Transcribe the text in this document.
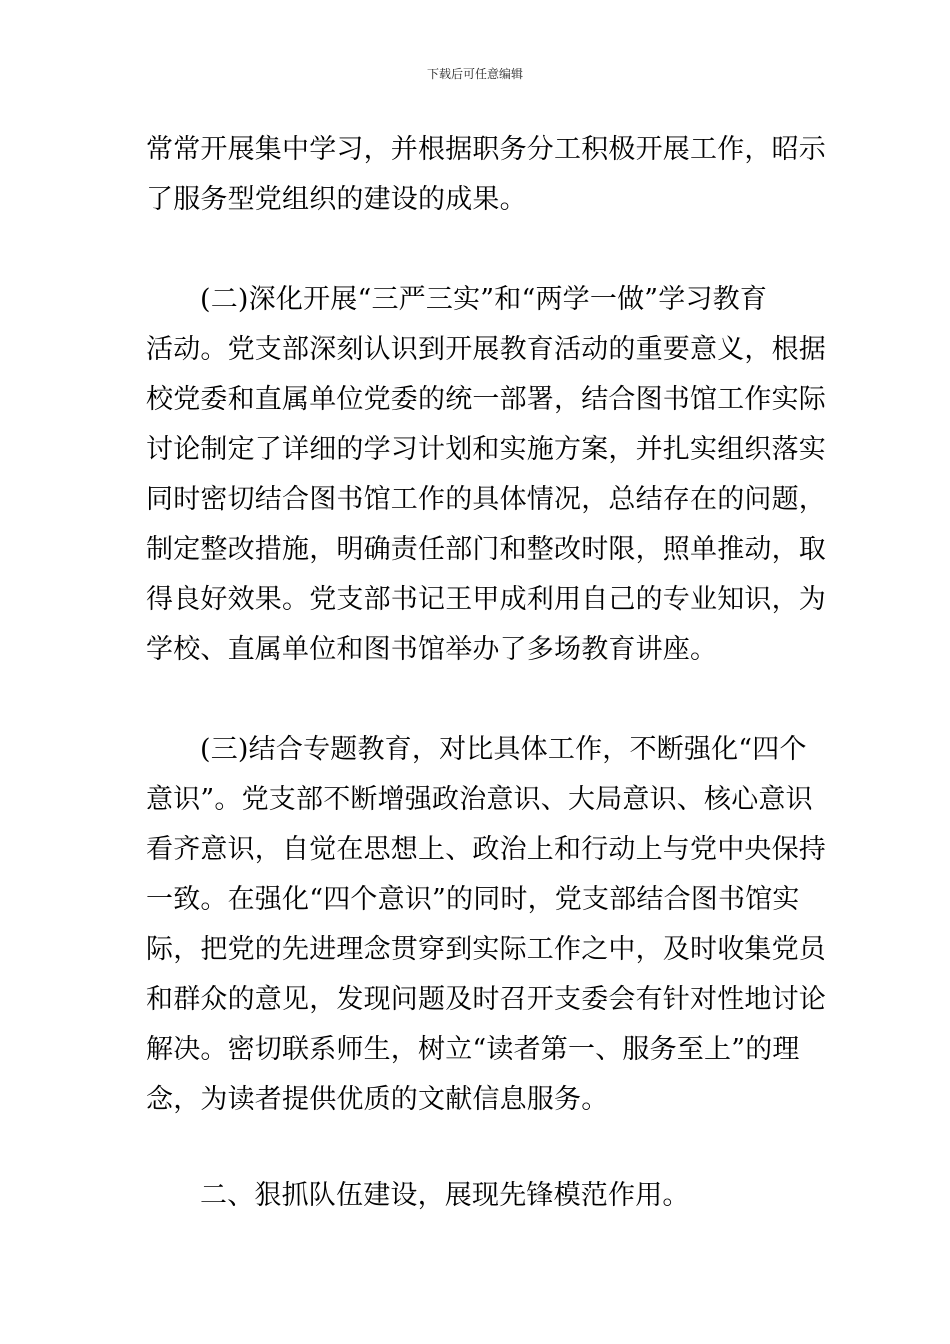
下载后可任意编辑
常常开展集中学习，并根据职务分工积极开展工作，昭示
了服务型党组织的建设的成果。
(二)深化开展“三严三实”和“两学一做”学习教育
活动。党支部深刻认识到开展教育活动的重要意义，根据
校党委和直属单位党委的统一部署，结合图书馆工作实际
讨论制定了详细的学习计划和实施方案，并扎实组织落实
同时密切结合图书馆工作的具体情况，总结存在的问题，
制定整改措施，明确责任部门和整改时限，照单推动，取
得良好效果。党支部书记王甲成利用自己的专业知识，为
学校、直属单位和图书馆举办了多场教育讲座。
(三)结合专题教育，对比具体工作，不断强化“四个
意识”。党支部不断增强政治意识、大局意识、核心意识
看齐意识，自觉在思想上、政治上和行动上与党中央保持
一致。在强化“四个意识”的同时，党支部结合图书馆实
际，把党的先进理念贯穿到实际工作之中，及时收集党员
和群众的意见，发现问题及时召开支委会有针对性地讨论
解决。密切联系师生，树立“读者第一、服务至上”的理
念，为读者提供优质的文献信息服务。
二、狠抓队伍建设，展现先锋模范作用。
